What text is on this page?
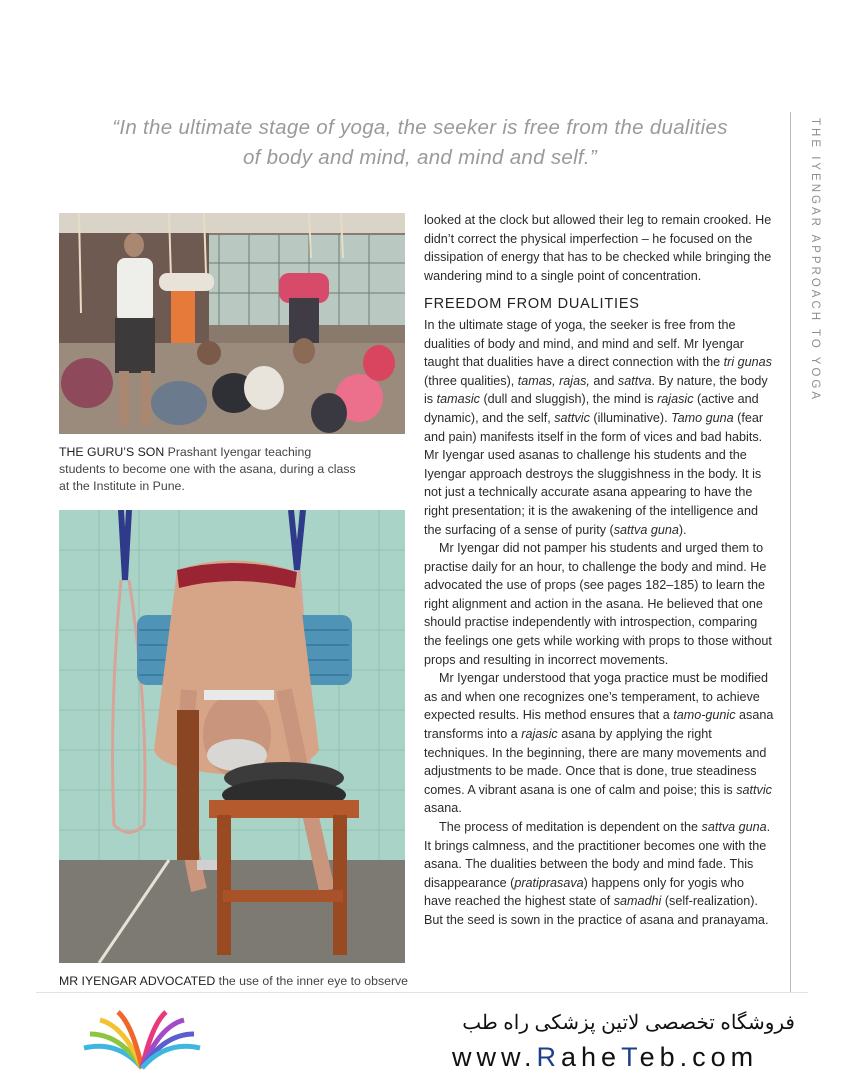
“In the ultimate stage of yoga, the seeker is free from the dualities
of body and mind, and mind and self.”	THE IYENGAR APPROACH TO YOGA
THE GURU’S SON Prashant Iyengar teaching students to become one with the asana, during a class at the Institute in Pune.
MR IYENGAR ADVOCATED the use of the inner eye to observe

looked at the clock but allowed their leg to remain crooked. He didn’t correct the physical imperfection – he focused on the dissipation of energy that has to be checked while bringing the wandering mind to a single point of concentration.

FREEDOM FROM DUALITIES

In the ultimate stage of yoga, the seeker is free from the dualities of body and mind, and mind and self. Mr Iyengar taught that dualities have a direct connection with the tri gunas (three qualities), tamas, rajas, and sattva. By nature, the body is tamasic (dull and sluggish), the mind is rajasic (active and dynamic), and the self, sattvic (illuminative). Tamo guna (fear and pain) manifests itself in the form of vices and bad habits. Mr Iyengar used asanas to challenge his students and the Iyengar approach destroys the sluggishness in the body. It is not just a technically accurate asana appearing to have the right presentation; it is the awakening of the intelligence and the surfacing of a sense of purity (sattva guna).

Mr Iyengar did not pamper his students and urged them to practise daily for an hour, to challenge the body and mind. He advocated the use of props (see pages 182–185) to learn the right alignment and action in the asana. He believed that one should practise independently with introspection, comparing the feelings one gets while working with props to those without props and resulting in incorrect movements.

Mr Iyengar understood that yoga practice must be modified as and when one recognizes one’s temperament, to achieve expected results. His method ensures that a tamo-gunic asana transforms into a rajasic asana by applying the right techniques. In the beginning, there are many movements and adjustments to be made. Once that is done, true steadiness comes. A vibrant asana is one of calm and poise; this is sattvic asana.

The process of meditation is dependent on the sattva guna. It brings calmness, and the practitioner becomes one with the asana. The dualities between the body and mind fade. This disappearance (pratiprasava) happens only for yogis who have reached the highest state of samadhi (self-realization). But the seed is sown in the practice of asana and pranayama.

فروشگاه تخصصی لاتین پزشکی راه طب
www.RaheTeb.com
